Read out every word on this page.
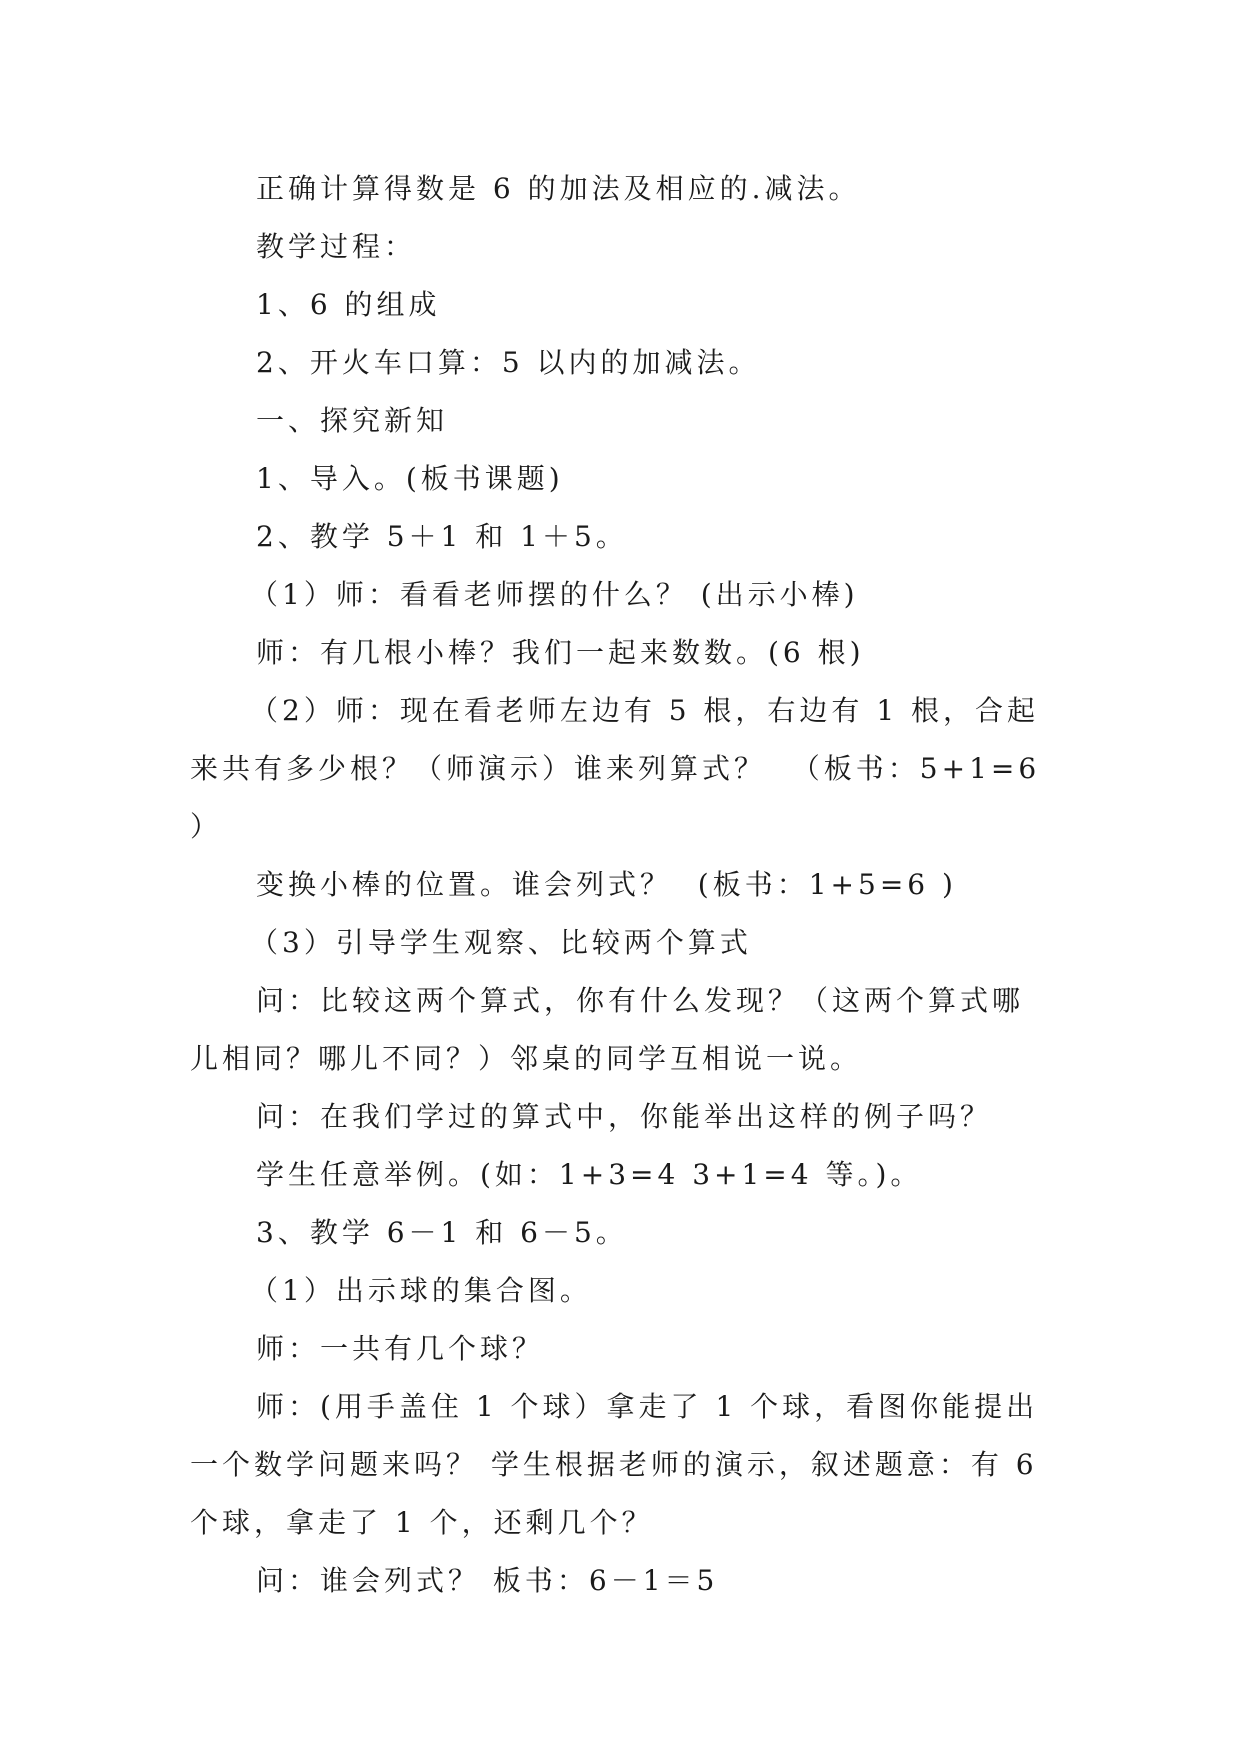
正确计算得数是 6 的加法及相应的.减法。

教学过程：

1、6 的组成

2、开火车口算：5 以内的加减法。

一、探究新知

1、导入。(板书课题)

2、教学 5＋1 和 1＋5。

（1）师：看看老师摆的什么？ (出示小棒)

师：有几根小棒？我们一起来数数。(6 根)

（2）师：现在看老师左边有 5 根，右边有 1 根，合起来共有多少根？（师演示）谁来列算式？  （板书：5+1=6 ）

变换小棒的位置。谁会列式？  (板书：1+5=6 )

（3）引导学生观察、比较两个算式

问：比较这两个算式，你有什么发现？（这两个算式哪儿相同？哪儿不同？）邻桌的同学互相说一说。

问：在我们学过的算式中，你能举出这样的例子吗？

学生任意举例。(如：1+3=4 3+1=4 等。)。

3、教学 6－1 和 6－5。

（1）出示球的集合图。

师：一共有几个球？

师：(用手盖住 1 个球）拿走了 1 个球，看图你能提出一个数学问题来吗？ 学生根据老师的演示，叙述题意：有 6 个球，拿走了 1 个，还剩几个？

问：谁会列式？ 板书：6－1＝5
